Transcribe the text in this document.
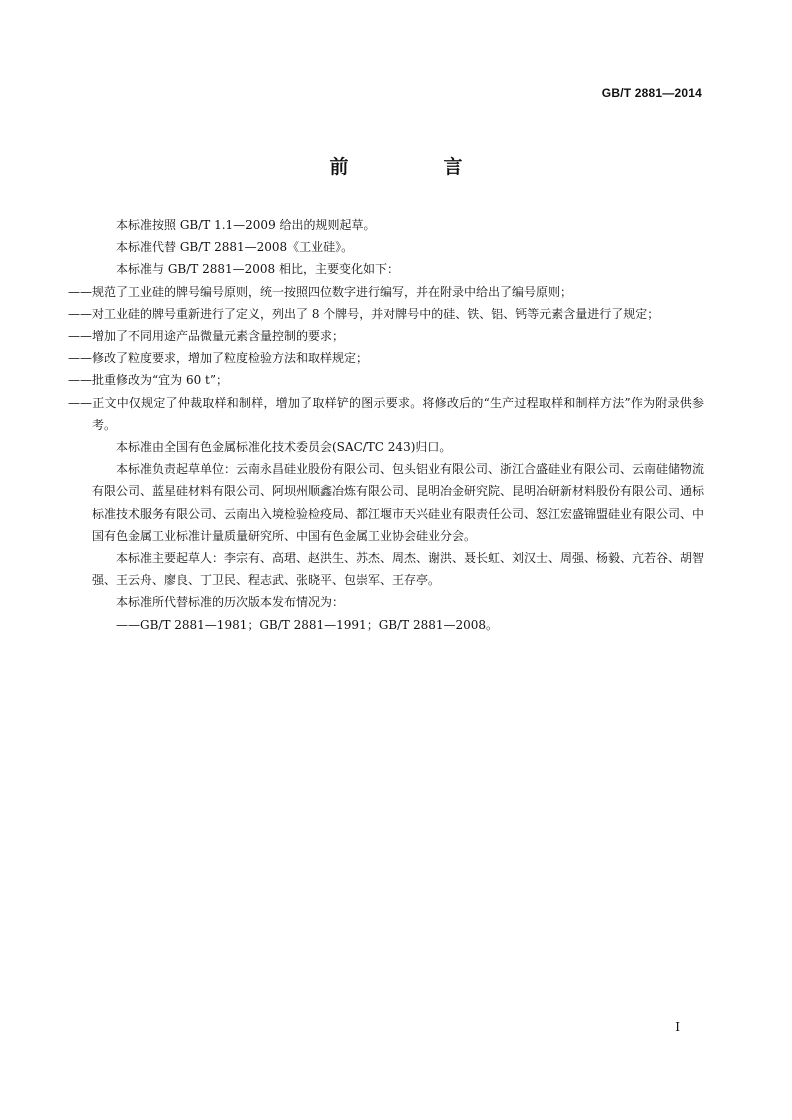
GB/T 2881—2014
前　言

本标准按照 GB/T 1.1—2009 给出的规则起草。

本标准代替 GB/T 2881—2008《工业硅》。

本标准与 GB/T 2881—2008 相比，主要变化如下：

——规范了工业硅的牌号编号原则，统一按照四位数字进行编写，并在附录中给出了编号原则；

——对工业硅的牌号重新进行了定义，列出了 8 个牌号，并对牌号中的硅、铁、铝、钙等元素含量进行了规定；

——增加了不同用途产品微量元素含量控制的要求；

——修改了粒度要求，增加了粒度检验方法和取样规定；

——批重修改为“宜为 60 t”；

——正文中仅规定了仲裁取样和制样，增加了取样铲的图示要求。将修改后的“生产过程取样和制样方法”作为附录供参考。

本标准由全国有色金属标准化技术委员会(SAC/TC 243)归口。

本标准负责起草单位：云南永昌硅业股份有限公司、包头铝业有限公司、浙江合盛硅业有限公司、云南硅储物流有限公司、蓝星硅材料有限公司、阿坝州顺鑫冶炼有限公司、昆明冶金研究院、昆明冶研新材料股份有限公司、通标标准技术服务有限公司、云南出入境检验检疫局、都江堰市天兴硅业有限责任公司、怒江宏盛锦盟硅业有限公司、中国有色金属工业标准计量质量研究所、中国有色金属工业协会硅业分会。

本标准主要起草人：李宗有、高珺、赵洪生、苏杰、周杰、谢洪、聂长虹、刘汉士、周强、杨毅、亢若谷、胡智强、王云舟、廖良、丁卫民、程志武、张晓平、包崇军、王存亭。

本标准所代替标准的历次版本发布情况为：

——GB/T 2881—1981；GB/T 2881—1991；GB/T 2881—2008。

I
